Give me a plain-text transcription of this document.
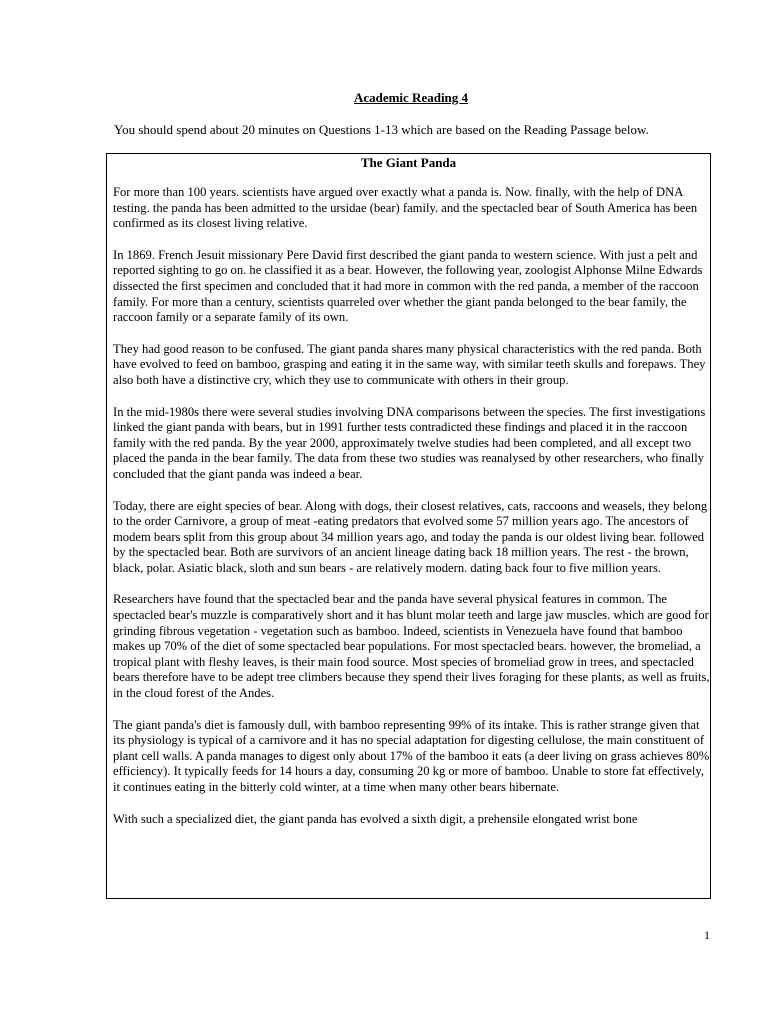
Academic Reading 4
You should spend about 20 minutes on Questions 1-13 which are based on the Reading Passage below.
The Giant Panda

For more than 100 years. scientists have argued over exactly what a panda is. Now. finally, with the help of DNA testing. the panda has been admitted to the ursidae (bear) family. and the spectacled bear of South America has been confirmed as its closest living relative.

In 1869. French Jesuit missionary Pere David first described the giant panda to western science. With just a pelt and reported sighting to go on. he classified it as a bear. However, the following year, zoologist Alphonse Milne Edwards dissected the first specimen and concluded that it had more in common with the red panda, a member of the raccoon family. For more than a century, scientists quarreled over whether the giant panda belonged to the bear family, the raccoon family or a separate family of its own.

They had good reason to be confused. The giant panda shares many physical characteristics with the red panda. Both have evolved to feed on bamboo, grasping and eating it in the same way, with similar teeth skulls and forepaws. They also both have a distinctive cry, which they use to communicate with others in their group.

In the mid-1980s there were several studies involving DNA comparisons between the species. The first investigations linked the giant panda with bears, but in 1991 further tests contradicted these findings and placed it in the raccoon family with the red panda. By the year 2000, approximately twelve studies had been completed, and all except two placed the panda in the bear family. The data from these two studies was reanalysed by other researchers, who finally concluded that the giant panda was indeed a bear.

Today, there are eight species of bear. Along with dogs, their closest relatives, cats, raccoons and weasels, they belong to the order Carnivore, a group of meat -eating predators that evolved some 57 million years ago. The ancestors of modem bears split from this group about 34 million years ago, and today the panda is our oldest living bear. followed by the spectacled bear. Both are survivors of an ancient lineage dating back 18 million years. The rest - the brown, black, polar. Asiatic black, sloth and sun bears - are relatively modern. dating back four to five million years.

Researchers have found that the spectacled bear and the panda have several physical features in common. The spectacled bear's muzzle is comparatively short and it has blunt molar teeth and large jaw muscles. which are good for grinding fibrous vegetation - vegetation such as bamboo. Indeed, scientists in Venezuela have found that bamboo makes up 70% of the diet of some spectacled bear populations. For most spectacled bears. however, the bromeliad, a tropical plant with fleshy leaves, is their main food source. Most species of bromeliad grow in trees, and spectacled bears therefore have to be adept tree climbers because they spend their lives foraging for these plants, as well as fruits, in the cloud forest of the Andes.

The giant panda's diet is famously dull, with bamboo representing 99% of its intake. This is rather strange given that its physiology is typical of a carnivore and it has no special adaptation for digesting cellulose, the main constituent of plant cell walls. A panda manages to digest only about 17% of the bamboo it eats (a deer living on grass achieves 80% efficiency). It typically feeds for 14 hours a day, consuming 20 kg or more of bamboo. Unable to store fat effectively, it continues eating in the bitterly cold winter, at a time when many other bears hibernate.

With such a specialized diet, the giant panda has evolved a sixth digit, a prehensile elongated wrist bone

1
